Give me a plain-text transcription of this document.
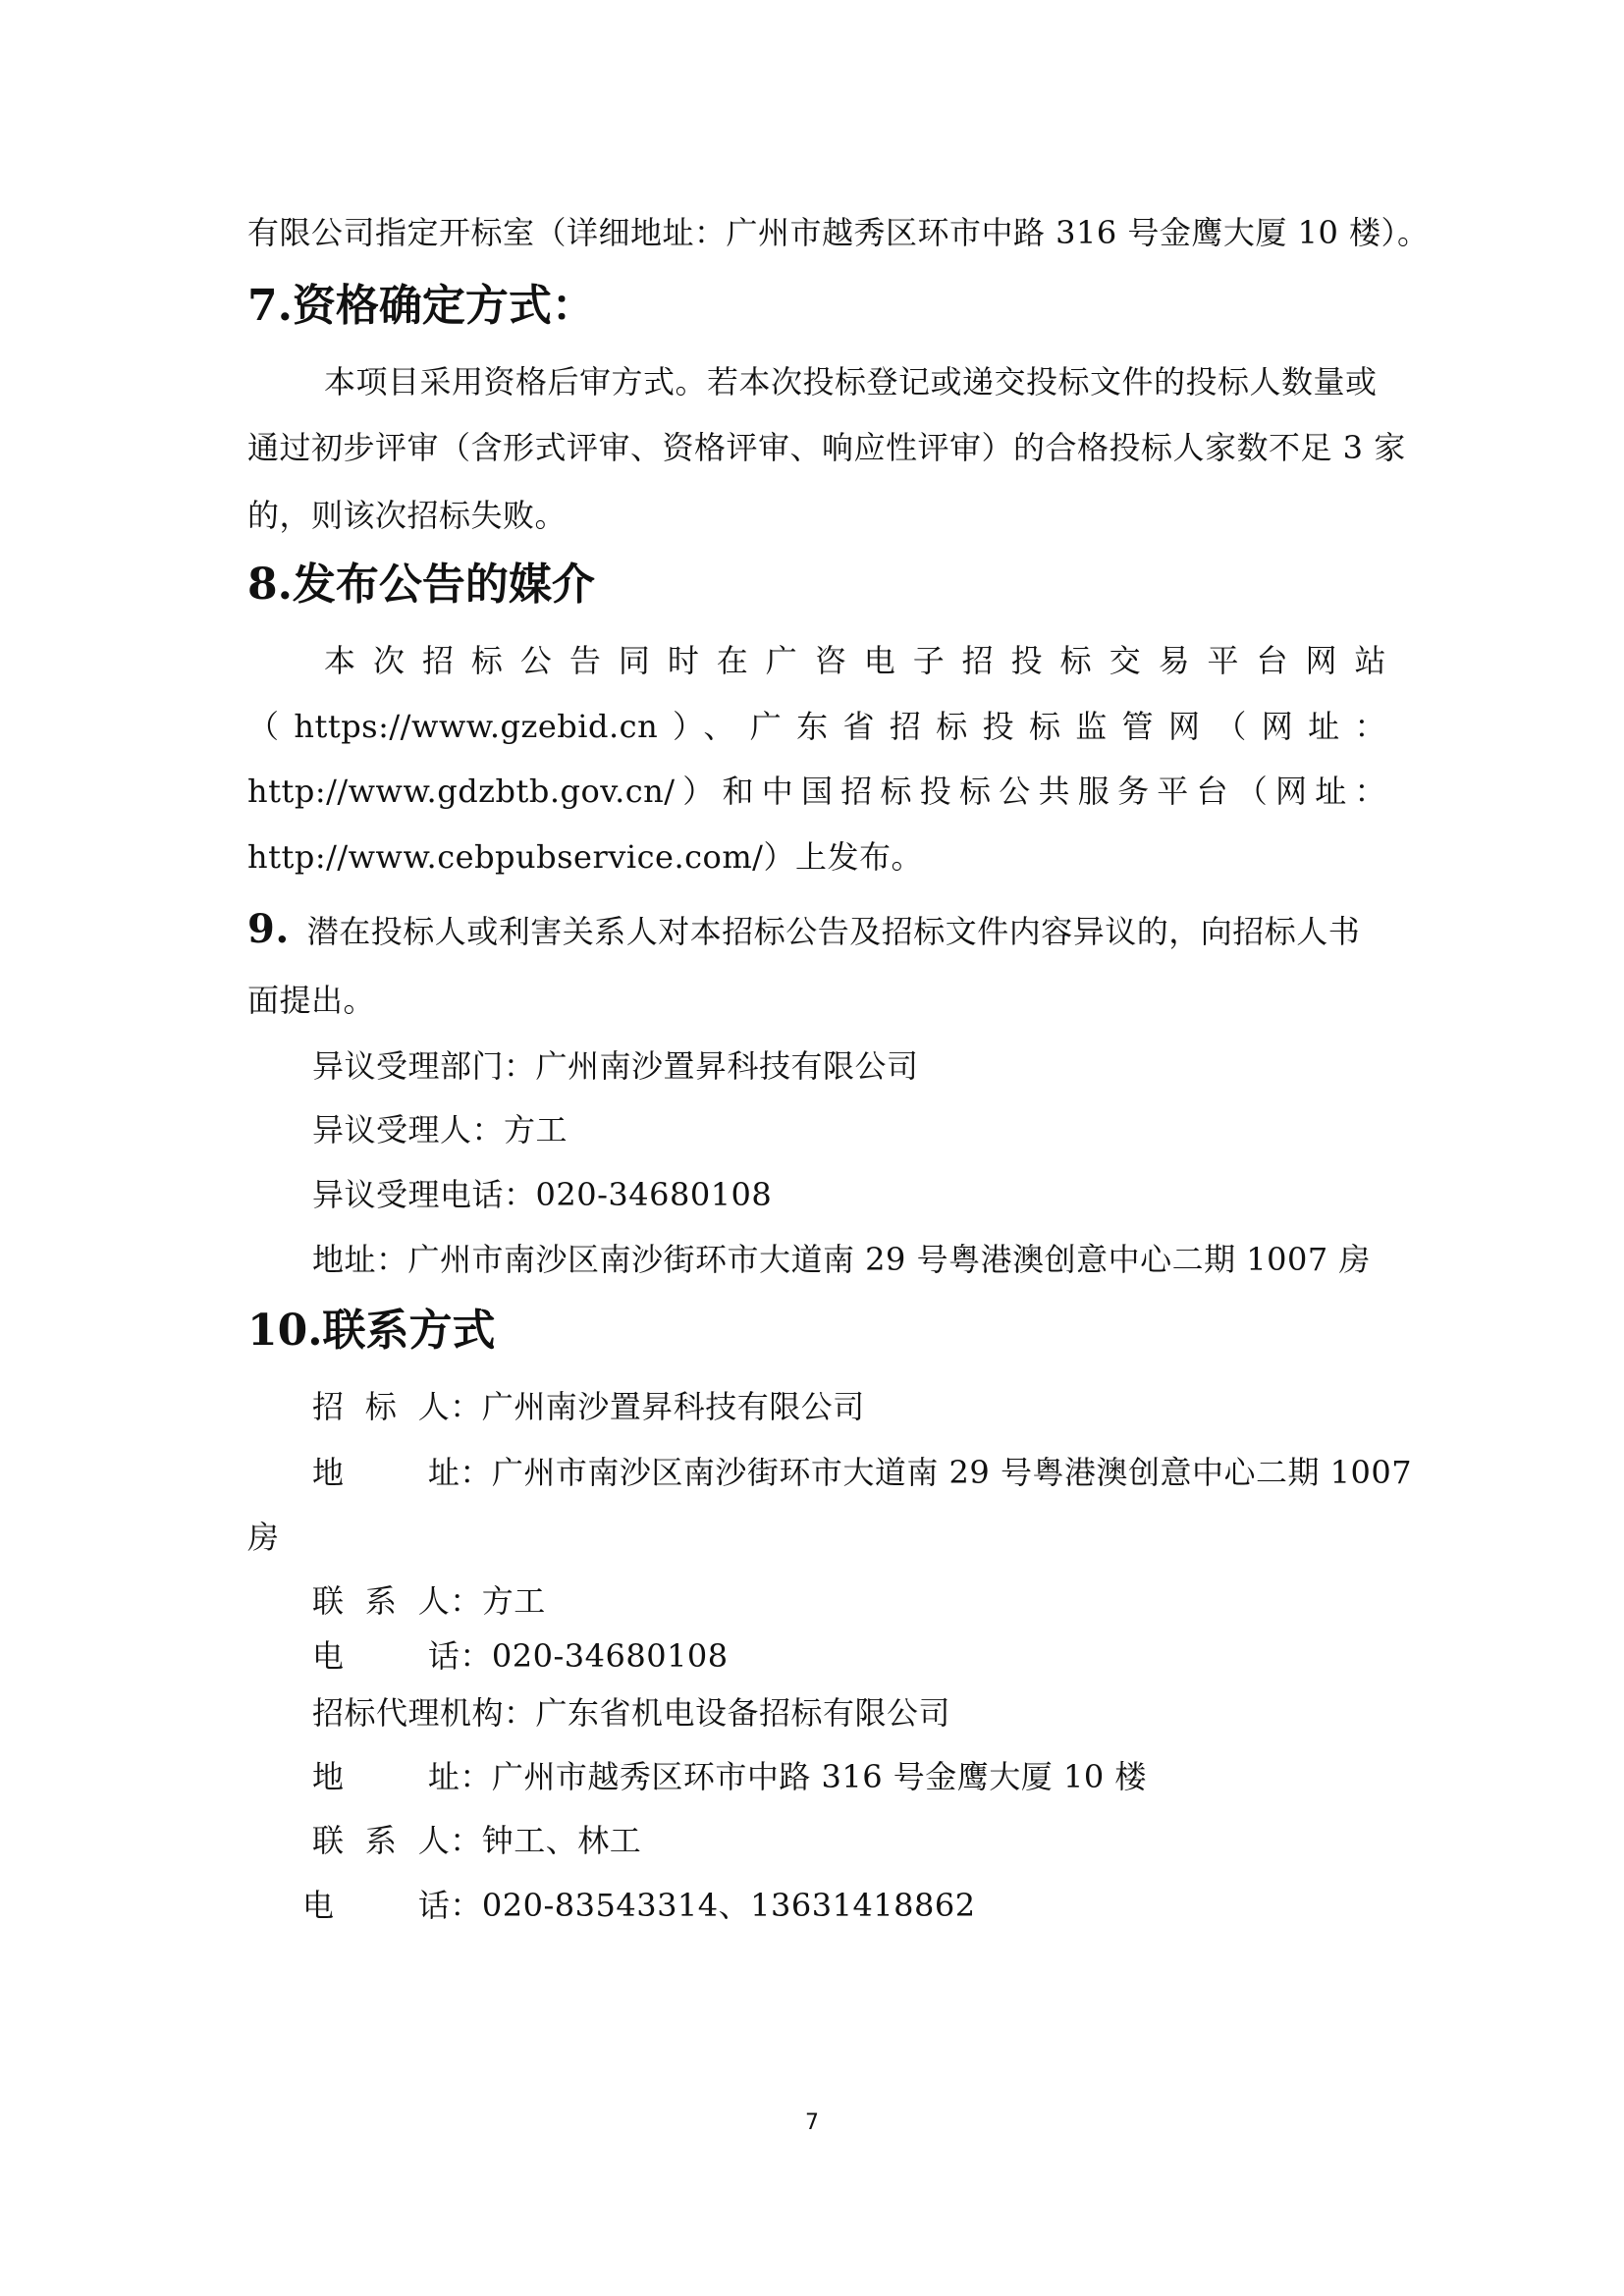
有限公司指定开标室（详细地址：广州市越秀区环市中路 316 号金鹰大厦 10 楼）。
7.资格确定方式：
本项目采用资格后审方式。若本次投标登记或递交投标文件的投标人数量或
通过初步评审（含形式评审、资格评审、响应性评审）的合格投标人家数不足 3 家
的，则该次招标失败。
8.发布公告的媒介
本次招标公告同时在广咨电子招投标交易平台网站
（https://www.gzebid.cn）、广东省招标投标监管网（网址：
http://www.gdzbtb.gov.cn/）和中国招标投标公共服务平台（网址：
http://www.cebpubservice.com/）上发布。
9. 潜在投标人或利害关系人对本招标公告及招标文件内容异议的，向招标人书
面提出。
异议受理部门：广州南沙置昇科技有限公司
异议受理人：方工
异议受理电话：020-34680108
地址：广州市南沙区南沙街环市大道南 29 号粤港澳创意中心二期 1007 房
10.联系方式
招  标  人：广州南沙置昇科技有限公司
地        址：广州市南沙区南沙街环市大道南 29 号粤港澳创意中心二期 1007
房
联  系  人：方工
电        话：020-34680108
招标代理机构：广东省机电设备招标有限公司
地        址：广州市越秀区环市中路 316 号金鹰大厦 10 楼
联  系  人：钟工、林工
电        话：020-83543314、13631418862
7
